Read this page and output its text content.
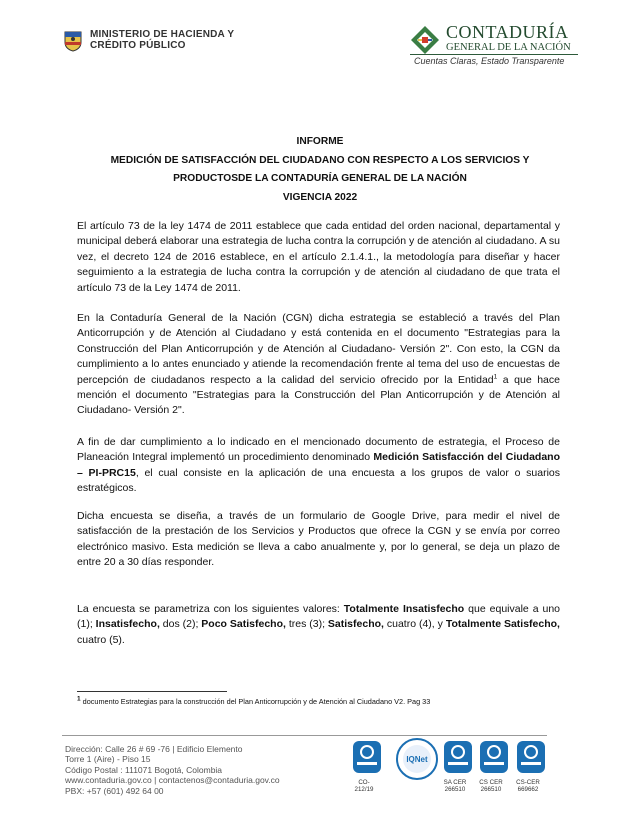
MINISTERIO DE HACIENDA Y
CRÉDITO PÚBLICO
CONTADURÍA
GENERAL DE LA NACIÓN
Cuentas Claras, Estado Transparente
INFORME
MEDICIÓN DE SATISFACCIÓN DEL CIUDADANO CON RESPECTO A LOS SERVICIOS Y
PRODUCTOSDE LA CONTADURÍA GENERAL DE LA NACIÓN
VIGENCIA 2022
El artículo 73 de la ley 1474 de 2011 establece que cada entidad del orden nacional, departamental y municipal deberá elaborar una estrategia de lucha contra la corrupción y de atención al ciudadano. A su vez, el decreto 124 de 2016 establece, en el artículo 2.1.4.1., la metodología para diseñar y hacer seguimiento a la estrategia de lucha contra la corrupción y de atención al ciudadano de que trata el artículo 73 de la Ley 1474 de 2011.
En la Contaduría General de la Nación (CGN) dicha estrategia se estableció a través del Plan Anticorrupción y de Atención al Ciudadano y está contenida en el documento "Estrategias para la Construcción del Plan Anticorrupción y de Atención al Ciudadano- Versión 2". Con esto, la CGN da cumplimiento a lo antes enunciado y atiende la recomendación frente al tema del uso de encuestas de percepción de ciudadanos respecto a la calidad del servicio ofrecido por la Entidad$^1$ a que hace mención el documento "Estrategias para la Construcción del Plan Anticorrupción y de Atención al Ciudadano- Versión 2".
A fin de dar cumplimiento a lo indicado en el mencionado documento de estrategia, el Proceso de Planeación Integral implementó un procedimiento denominado Medición Satisfacción del Ciudadano – PI-PRC15, el cual consiste en la aplicación de una encuesta a los grupos de valor o suarios estratégicos.
Dicha encuesta se diseña, a través de un formulario de Google Drive, para medir el nivel de satisfacción de la prestación de los Servicios y Productos que ofrece la CGN y se envía por correo electrónico masivo. Esta medición se lleva a cabo anualmente y, por lo general, se deja un plazo de entre 20 a 30 días responder.
La encuesta se parametriza con los siguientes valores: Totalmente Insatisfecho que equivale a uno (1); Insatisfecho, dos (2); Poco Satisfecho, tres (3); Satisfecho, cuatro (4), y Totalmente Satisfecho, cuatro (5).
$^1$ documento Estrategias para la construcción del Plan Anticorrupción y de Atención al Ciudadano V2. Pag 33
Dirección: Calle 26 # 69 -76 | Edificio Elemento
Torre 1 (Aire) - Piso 15
Código Postal : 111071 Bogotá, Colombia
www.contaduria.gov.co | contactenos@contaduria.gov.co
PBX: +57 (601) 492 64 00
CO-
212/19
IQNet
SA CER
266510
CS CER
266510
CS-CER
669662
